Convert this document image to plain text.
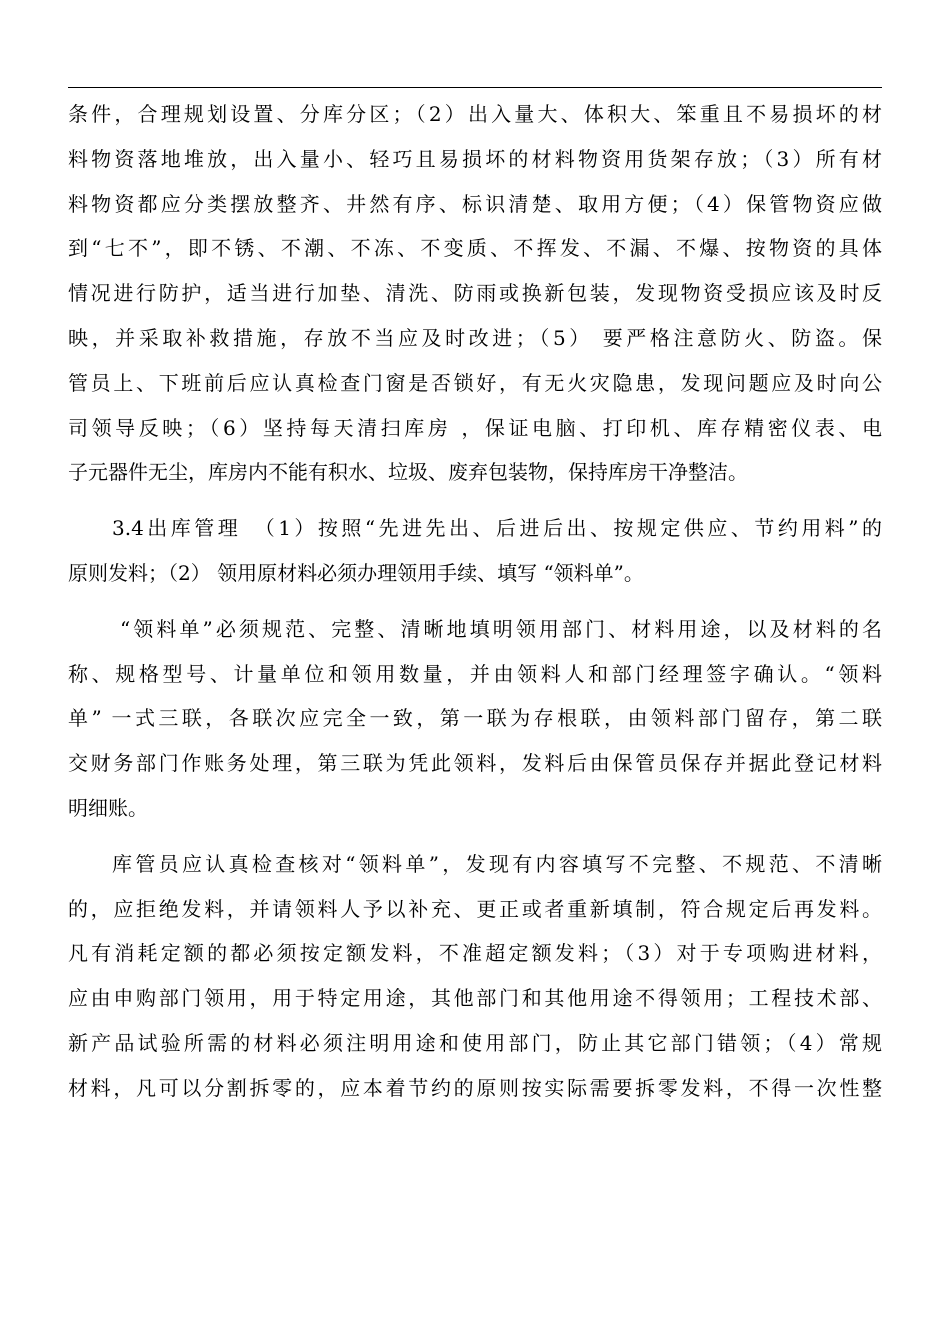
条件，合理规划设置、分库分区；（2）出入量大、体积大、笨重且不易损坏的材
料物资落地堆放，出入量小、轻巧且易损坏的材料物资用货架存放；（3）所有材
料物资都应分类摆放整齐、井然有序、标识清楚、取用方便；（4）保管物资应做
到“七不”，即不锈、不潮、不冻、不变质、不挥发、不漏、不爆、按物资的具体
情况进行防护，适当进行加垫、清洗、防雨或换新包装，发现物资受损应该及时反
映，并采取补救措施，存放不当应及时改进；（5） 要严格注意防火、防盗。保
管员上、下班前后应认真检查门窗是否锁好，有无火灾隐患，发现问题应及时向公
司领导反映；（6）坚持每天清扫库房 ，保证电脑、打印机、库存精密仪表、电
子元器件无尘，库房内不能有积水、垃圾、废弃包装物，保持库房干净整洁。
3.4出库管理　（1）按照“先进先出、后进后出、按规定供应、节约用料”的
原则发料；（2） 领用原材料必须办理领用手续、填写 “领料单”。
“领料单”必须规范、完整、清晰地填明领用部门、材料用途，以及材料的名
称、规格型号、计量单位和领用数量，并由领料人和部门经理签字确认。“领料
单” 一式三联，各联次应完全一致，第一联为存根联，由领料部门留存，第二联
交财务部门作账务处理，第三联为凭此领料，发料后由保管员保存并据此登记材料
明细账。
库管员应认真检查核对“领料单”，发现有内容填写不完整、不规范、不清晰
的，应拒绝发料，并请领料人予以补充、更正或者重新填制，符合规定后再发料。
凡有消耗定额的都必须按定额发料，不准超定额发料；（3）对于专项购进材料，
应由申购部门领用，用于特定用途，其他部门和其他用途不得领用；工程技术部、
新产品试验所需的材料必须注明用途和使用部门，防止其它部门错领；（4）常规
材料，凡可以分割拆零的，应本着节约的原则按实际需要拆零发料，不得一次性整
